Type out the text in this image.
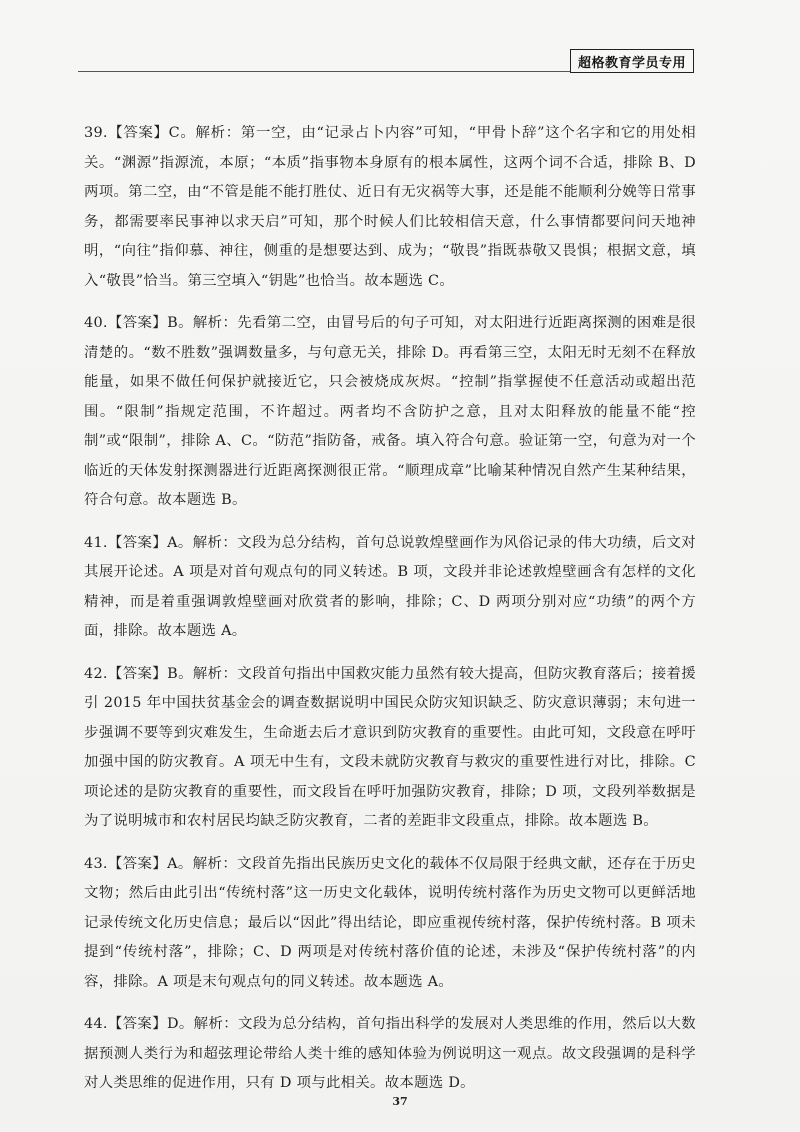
超格教育学员专用

39.【答案】C。解析：第一空，由“记录占卜内容”可知，“甲骨卜辞”这个名字和它的用处相关。“渊源”指源流，本原；“本质”指事物本身原有的根本属性，这两个词不合适，排除 B、D 两项。第二空，由“不管是能不能打胜仗、近日有无灾祸等大事，还是能不能顺利分娩等日常事务，都需要率民事神以求天启”可知，那个时候人们比较相信天意，什么事情都要问问天地神明，“向往”指仰慕、神往，侧重的是想要达到、成为；“敬畏”指既恭敬又畏惧；根据文意，填入“敬畏”恰当。第三空填入“钥匙”也恰当。故本题选 C。

40.【答案】B。解析：先看第二空，由冒号后的句子可知，对太阳进行近距离探测的困难是很清楚的。“数不胜数”强调数量多，与句意无关，排除 D。再看第三空，太阳无时无刻不在释放能量，如果不做任何保护就接近它，只会被烧成灰烬。“控制”指掌握使不任意活动或超出范围。“限制”指规定范围，不许超过。两者均不含防护之意，且对太阳释放的能量不能“控制”或“限制”，排除 A、C。“防范”指防备，戒备。填入符合句意。验证第一空，句意为对一个临近的天体发射探测器进行近距离探测很正常。“顺理成章”比喻某种情况自然产生某种结果，符合句意。故本题选 B。

41.【答案】A。解析：文段为总分结构，首句总说敦煌壁画作为风俗记录的伟大功绩，后文对其展开论述。A 项是对首句观点句的同义转述。B 项，文段并非论述敦煌壁画含有怎样的文化精神，而是着重强调敦煌壁画对欣赏者的影响，排除；C、D 两项分别对应“功绩”的两个方面，排除。故本题选 A。

42.【答案】B。解析：文段首句指出中国救灾能力虽然有较大提高，但防灾教育落后；接着援引 2015 年中国扶贫基金会的调查数据说明中国民众防灾知识缺乏、防灾意识薄弱；末句进一步强调不要等到灾难发生，生命逝去后才意识到防灾教育的重要性。由此可知，文段意在呼吁加强中国的防灾教育。A 项无中生有，文段未就防灾教育与救灾的重要性进行对比，排除。C 项论述的是防灾教育的重要性，而文段旨在呼吁加强防灾教育，排除；D 项，文段列举数据是为了说明城市和农村居民均缺乏防灾教育，二者的差距非文段重点，排除。故本题选 B。

43.【答案】A。解析：文段首先指出民族历史文化的载体不仅局限于经典文献，还存在于历史文物；然后由此引出“传统村落”这一历史文化载体，说明传统村落作为历史文物可以更鲜活地记录传统文化历史信息；最后以“因此”得出结论，即应重视传统村落，保护传统村落。B 项未提到“传统村落”，排除；C、D 两项是对传统村落价值的论述，未涉及“保护传统村落”的内容，排除。A 项是末句观点句的同义转述。故本题选 A。

44.【答案】D。解析：文段为总分结构，首句指出科学的发展对人类思维的作用，然后以大数据预测人类行为和超弦理论带给人类十维的感知体验为例说明这一观点。故文段强调的是科学对人类思维的促进作用，只有 D 项与此相关。故本题选 D。

37
